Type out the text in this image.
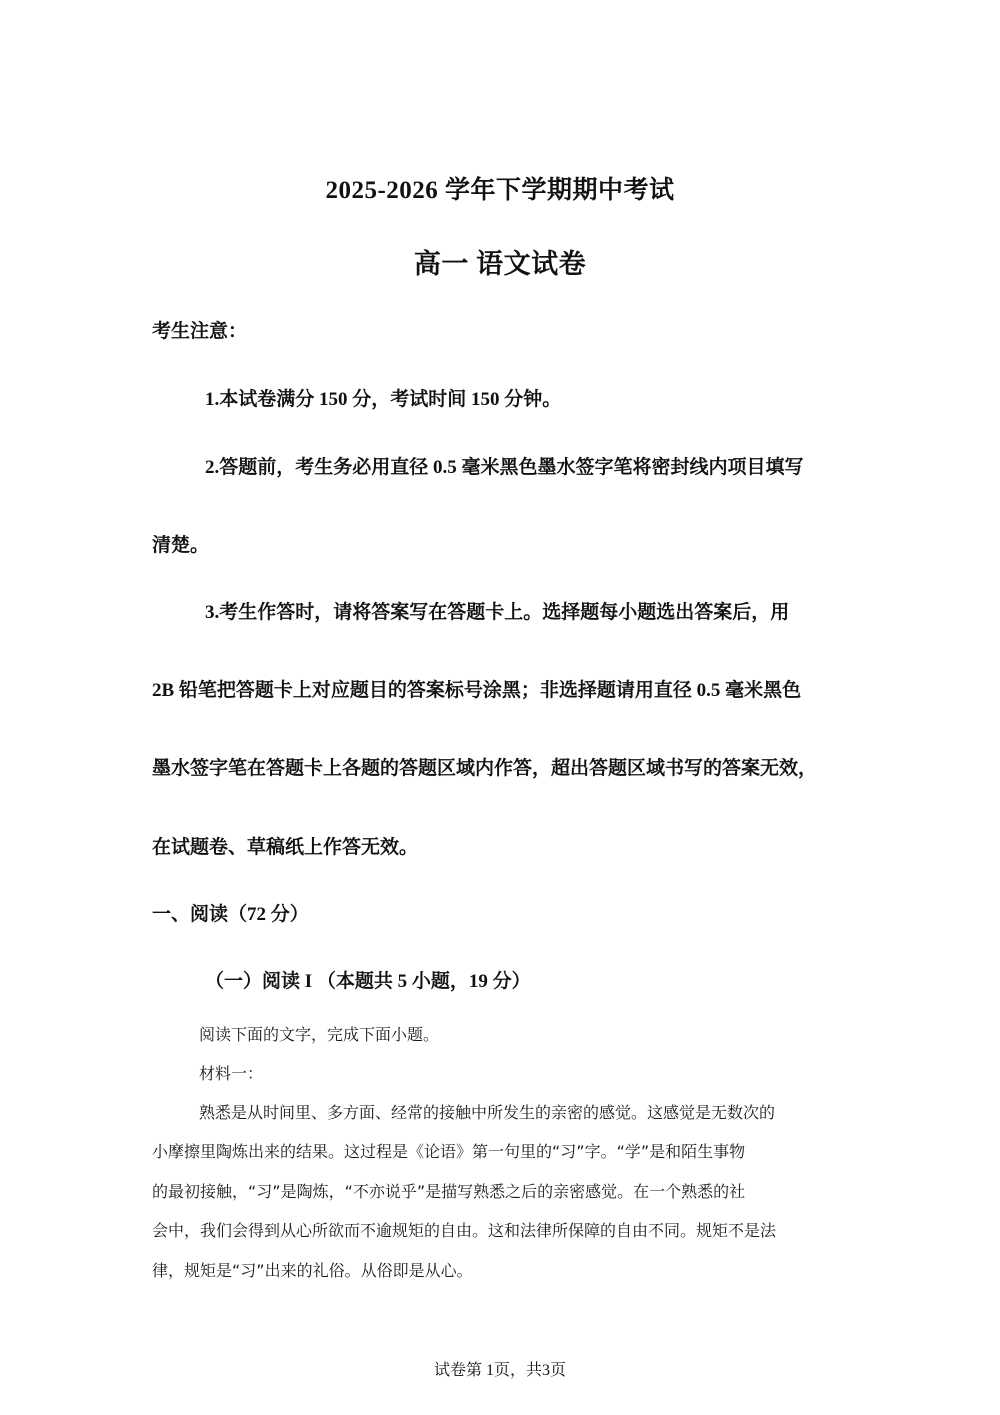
2025-2026 学年下学期期中考试
高一 语文试卷
考生注意：
1.本试卷满分 150 分，考试时间 150 分钟。
2.答题前，考生务必用直径 0.5 毫米黑色墨水签字笔将密封线内项目填写
清楚。
3.考生作答时，请将答案写在答题卡上。选择题每小题选出答案后，用
2B 铅笔把答题卡上对应题目的答案标号涂黑；非选择题请用直径 0.5 毫米黑色
墨水签字笔在答题卡上各题的答题区域内作答，超出答题区域书写的答案无效，
在试题卷、草稿纸上作答无效。
一、阅读（72 分）
（一）阅读 I （本题共 5 小题，19 分）
阅读下面的文字，完成下面小题。
材料一：
熟悉是从时间里、多方面、经常的接触中所发生的亲密的感觉。这感觉是无数次的
小摩擦里陶炼出来的结果。这过程是《论语》第一句里的“习”字。“学”是和陌生事物
的最初接触，“习”是陶炼，“不亦说乎”是描写熟悉之后的亲密感觉。在一个熟悉的社
会中，我们会得到从心所欲而不逾规矩的自由。这和法律所保障的自由不同。规矩不是法
律，规矩是“习”出来的礼俗。从俗即是从心。
试卷第 1页，共3页
